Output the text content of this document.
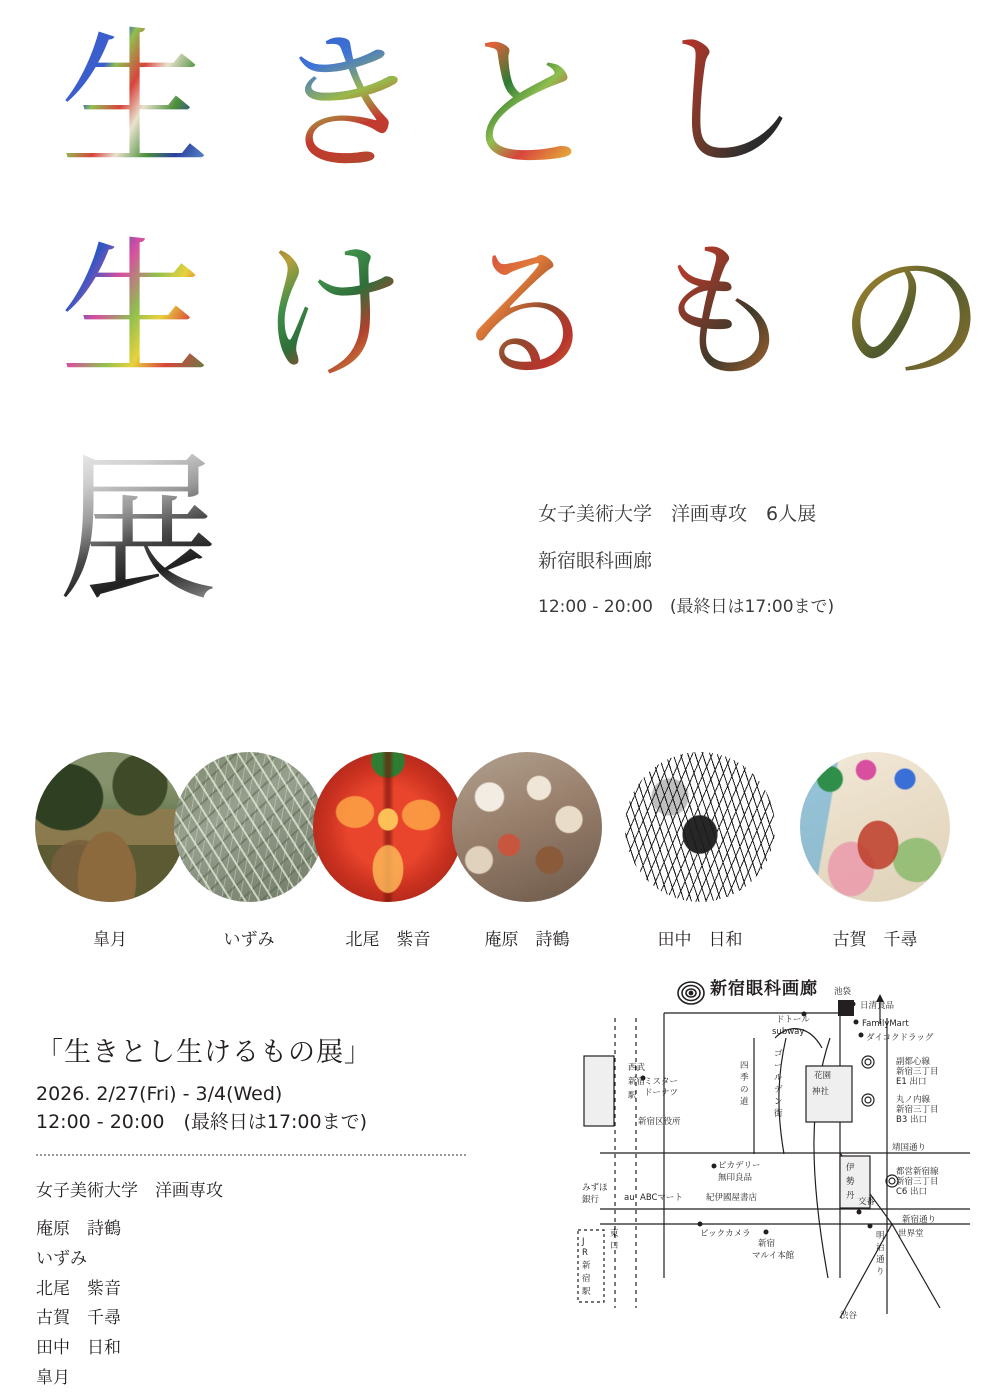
生 き と し
生 け る も の
展	女子美術大学　洋画専攻　6人展
新宿眼科画廊
12:00 - 20:00　(最終日は17:00まで)
皐月	いずみ	北尾　紫音	庵原　詩鶴	田中　日和	古賀　千尋
「生きとし生けるもの展」
2026. 2/27(Fri) - 3/4(Wed)
12:00 - 20:00　(最終日は17:00まで)
女子美術大学　洋画専攻
庵原　詩鶴
いずみ
北尾　紫音
古賀　千尋
田中　日和
皐月
池袋
日清食品
FamilyMart
ダイコクドラッグ
ドトール
subway
副都心線
新宿三丁目
E1 出口
丸ノ内線
新宿三丁目
B3 出口
都営新宿線
新宿三丁目
C6 出口
靖国通り
新宿通り
花園
神社
西武
新宿
駅
ミスター
ドーナツ
新宿区役所
ピカデリー
無印良品
伊
勢
丹
みずほ
銀行	au ABCマート	紀伊國屋書店	交番
ビックカメラ
新宿
マルイ本館
世界堂
明
治
通
り
J
R
新
宿
駅
東
口
渋谷
四
季
の
道
ゴ
ー
ル
デ
ン
街
新宿眼科画廊
